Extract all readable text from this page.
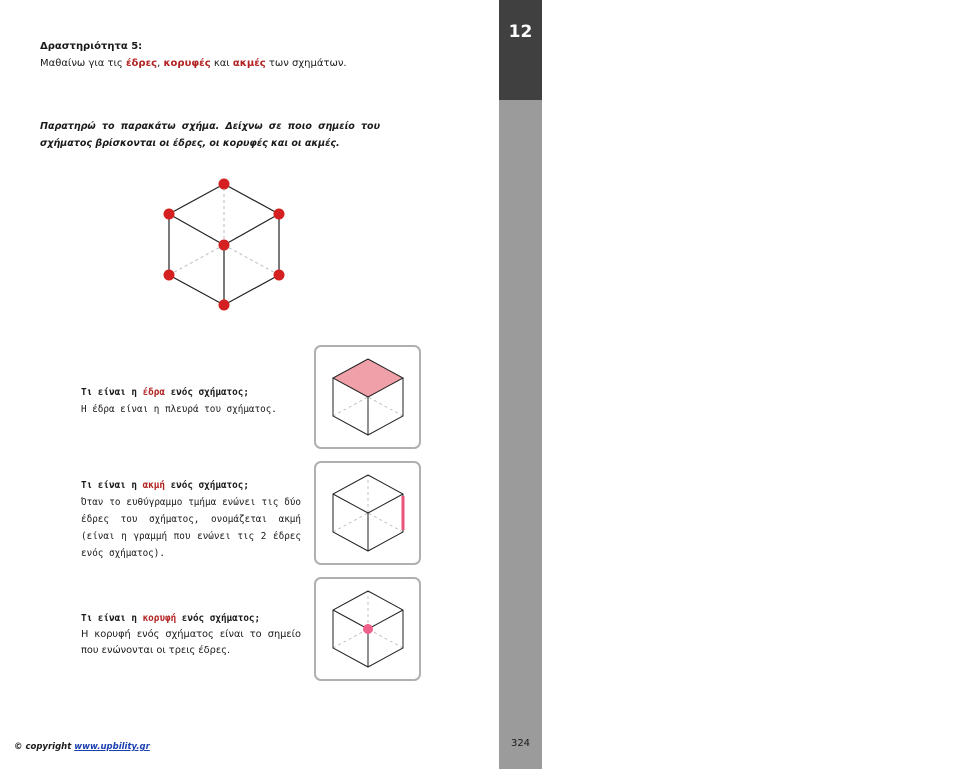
12
Μαθηματικά Δ' Δημοτικού | Γεωμετρικά Σχήματα & Μοτίβα
324
Δραστηριότητα 5:
Μαθαίνω για τις έδρες, κορυφές και ακμές των σχημάτων.
Παρατηρώ το παρακάτω σχήμα. Δείχνω σε ποιο σημείο του σχήματος βρίσκονται οι έδρες, οι κορυφές και οι ακμές.
Τι είναι η έδρα ενός σχήματος;
Η έδρα είναι η πλευρά του σχήματος.
Τι είναι η ακμή ενός σχήματος;
Όταν το ευθύγραμμο τμήμα ενώνει τις δύο έδρες του σχήματος, ονομάζεται ακμή (είναι η γραμμή που ενώνει τις 2 έδρες ενός σχήματος).
Τι είναι η κορυφή ενός σχήματος;
Η κορυφή ενός σχήματος είναι το σημείο που ενώνονται οι τρεις έδρες.
© copyright www.upbility.gr
